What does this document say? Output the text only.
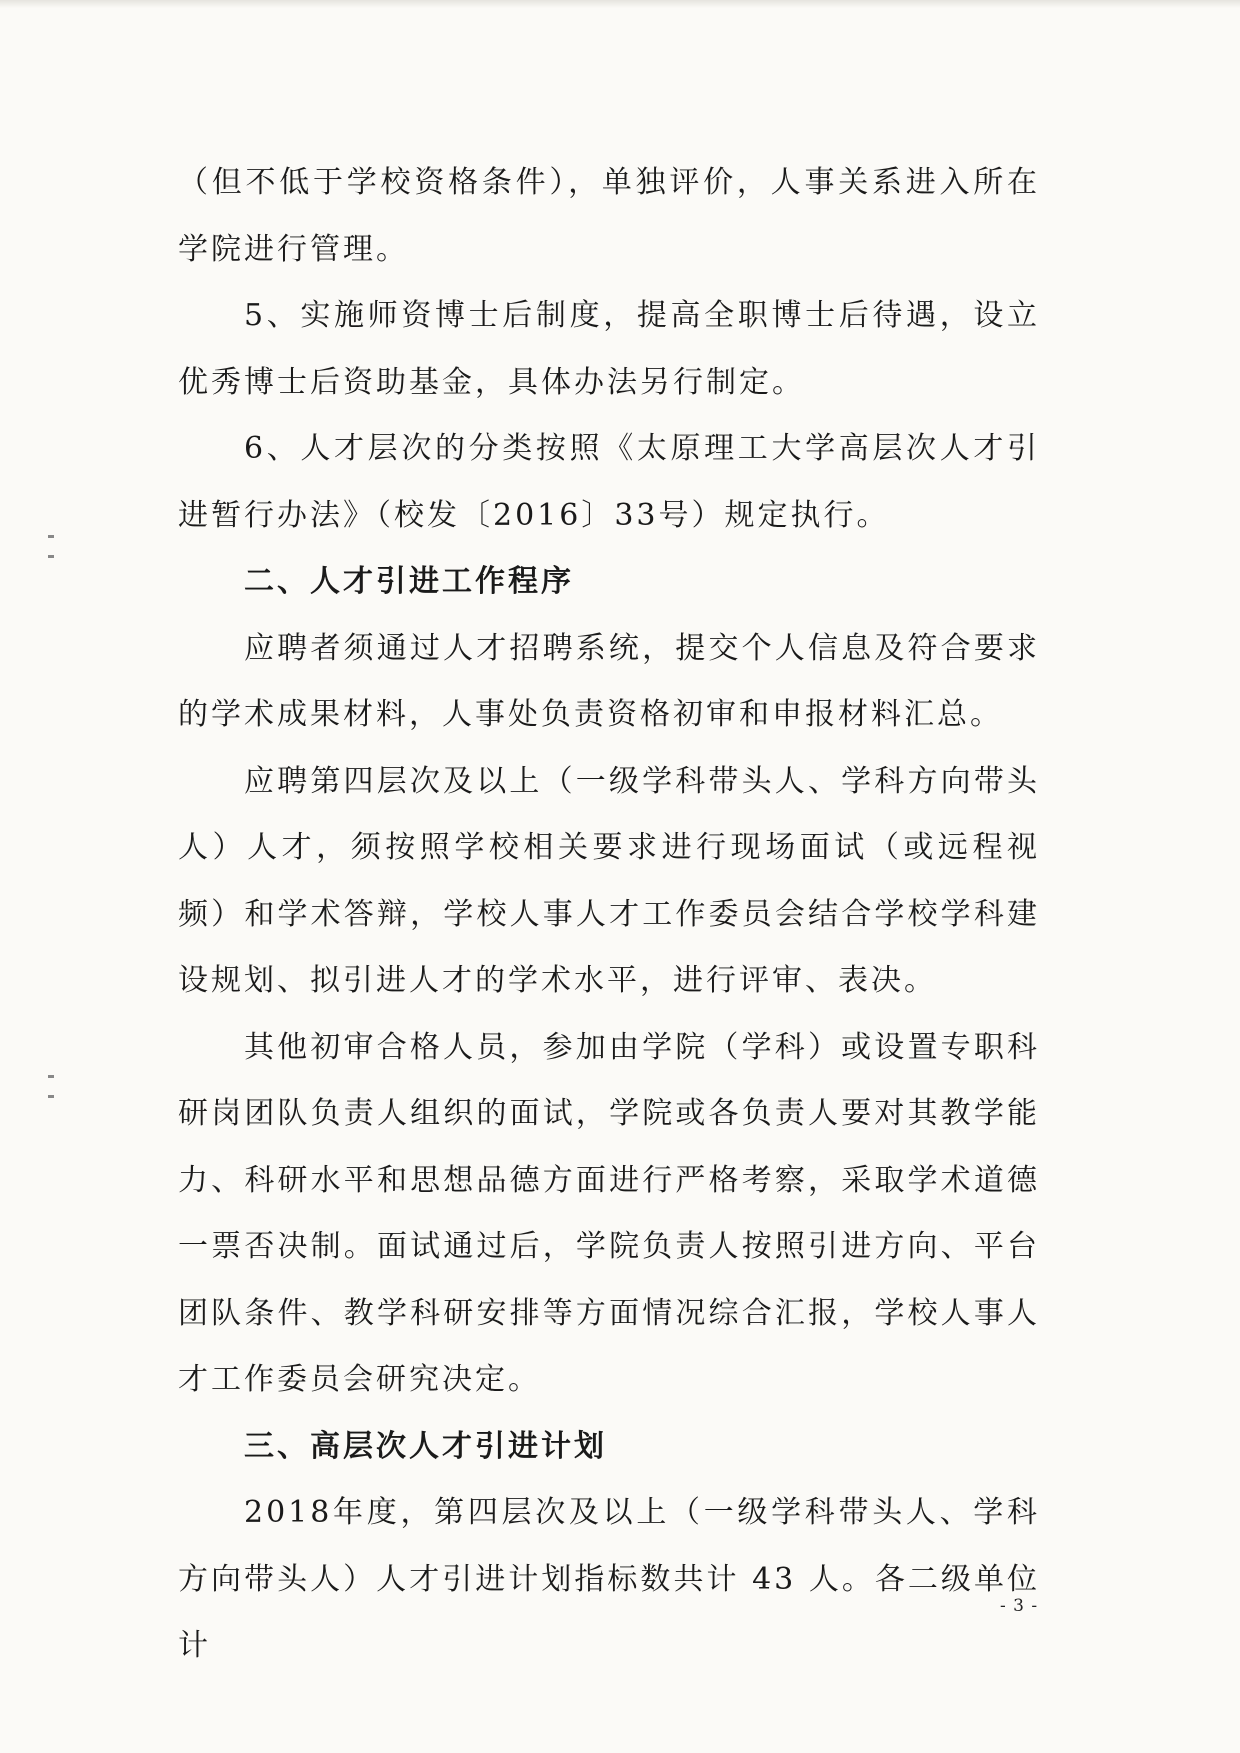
（但不低于学校资格条件），单独评价，人事关系进入所在学院进行管理。

5、实施师资博士后制度，提高全职博士后待遇，设立优秀博士后资助基金，具体办法另行制定。

6、人才层次的分类按照《太原理工大学高层次人才引进暂行办法》（校发〔2016〕33号）规定执行。

二、人才引进工作程序

应聘者须通过人才招聘系统，提交个人信息及符合要求的学术成果材料，人事处负责资格初审和申报材料汇总。

应聘第四层次及以上（一级学科带头人、学科方向带头人）人才，须按照学校相关要求进行现场面试（或远程视频）和学术答辩，学校人事人才工作委员会结合学校学科建设规划、拟引进人才的学术水平，进行评审、表决。

其他初审合格人员，参加由学院（学科）或设置专职科研岗团队负责人组织的面试，学院或各负责人要对其教学能力、科研水平和思想品德方面进行严格考察，采取学术道德一票否决制。面试通过后，学院负责人按照引进方向、平台团队条件、教学科研安排等方面情况综合汇报，学校人事人才工作委员会研究决定。

三、高层次人才引进计划

2018年度，第四层次及以上（一级学科带头人、学科方向带头人）人才引进计划指标数共计 43 人。各二级单位计

- 3 -
